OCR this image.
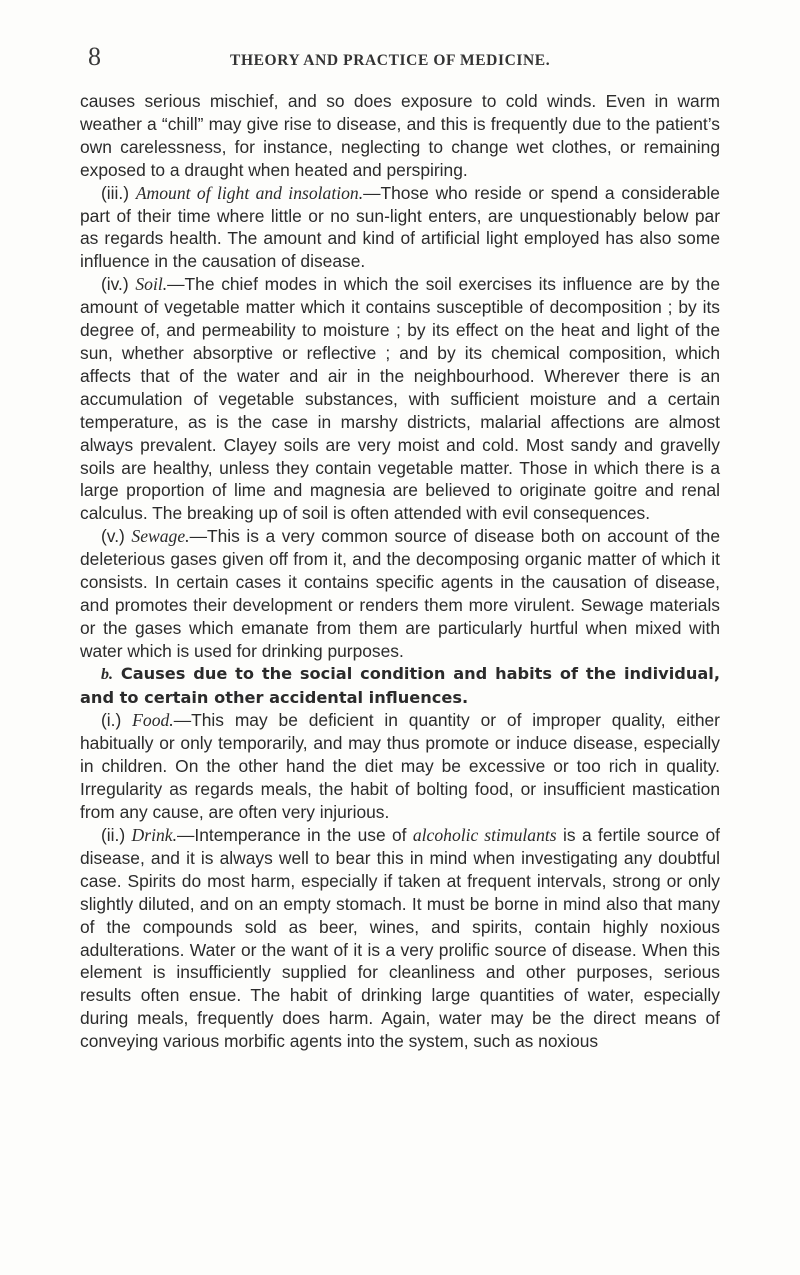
8	THEORY AND PRACTICE OF MEDICINE.

causes serious mischief, and so does exposure to cold winds. Even in warm weather a “chill” may give rise to disease, and this is frequently due to the patient’s own carelessness, for instance, neglecting to change wet clothes, or remaining exposed to a draught when heated and perspiring.

(iii.) Amount of light and insolation.—Those who reside or spend a considerable part of their time where little or no sun-light enters, are unquestionably below par as regards health. The amount and kind of artificial light employed has also some influence in the causation of disease.

(iv.) Soil.—The chief modes in which the soil exercises its influence are by the amount of vegetable matter which it contains susceptible of decomposition ; by its degree of, and permeability to moisture ; by its effect on the heat and light of the sun, whether absorptive or reflective ; and by its chemical composition, which affects that of the water and air in the neighbourhood. Wherever there is an accumulation of vegetable substances, with sufficient moisture and a certain temperature, as is the case in marshy districts, malarial affections are almost always prevalent. Clayey soils are very moist and cold. Most sandy and gravelly soils are healthy, unless they contain vegetable matter. Those in which there is a large proportion of lime and magnesia are believed to originate goitre and renal calculus. The breaking up of soil is often attended with evil consequences.

(v.) Sewage.—This is a very common source of disease both on account of the deleterious gases given off from it, and the decomposing organic matter of which it consists. In certain cases it contains specific agents in the causation of disease, and promotes their development or renders them more virulent. Sewage materials or the gases which emanate from them are particularly hurtful when mixed with water which is used for drinking purposes.

b. Causes due to the social condition and habits of the individual, and to certain other accidental influences.

(i.) Food.—This may be deficient in quantity or of improper quality, either habitually or only temporarily, and may thus promote or induce disease, especially in children. On the other hand the diet may be excessive or too rich in quality. Irregularity as regards meals, the habit of bolting food, or insufficient mastication from any cause, are often very injurious.

(ii.) Drink.—Intemperance in the use of alcoholic stimulants is a fertile source of disease, and it is always well to bear this in mind when investigating any doubtful case. Spirits do most harm, especially if taken at frequent intervals, strong or only slightly diluted, and on an empty stomach. It must be borne in mind also that many of the compounds sold as beer, wines, and spirits, contain highly noxious adulterations. Water or the want of it is a very prolific source of disease. When this element is insufficiently supplied for cleanliness and other purposes, serious results often ensue. The habit of drinking large quantities of water, especially during meals, frequently does harm. Again, water may be the direct means of conveying various morbific agents into the system, such as noxious
